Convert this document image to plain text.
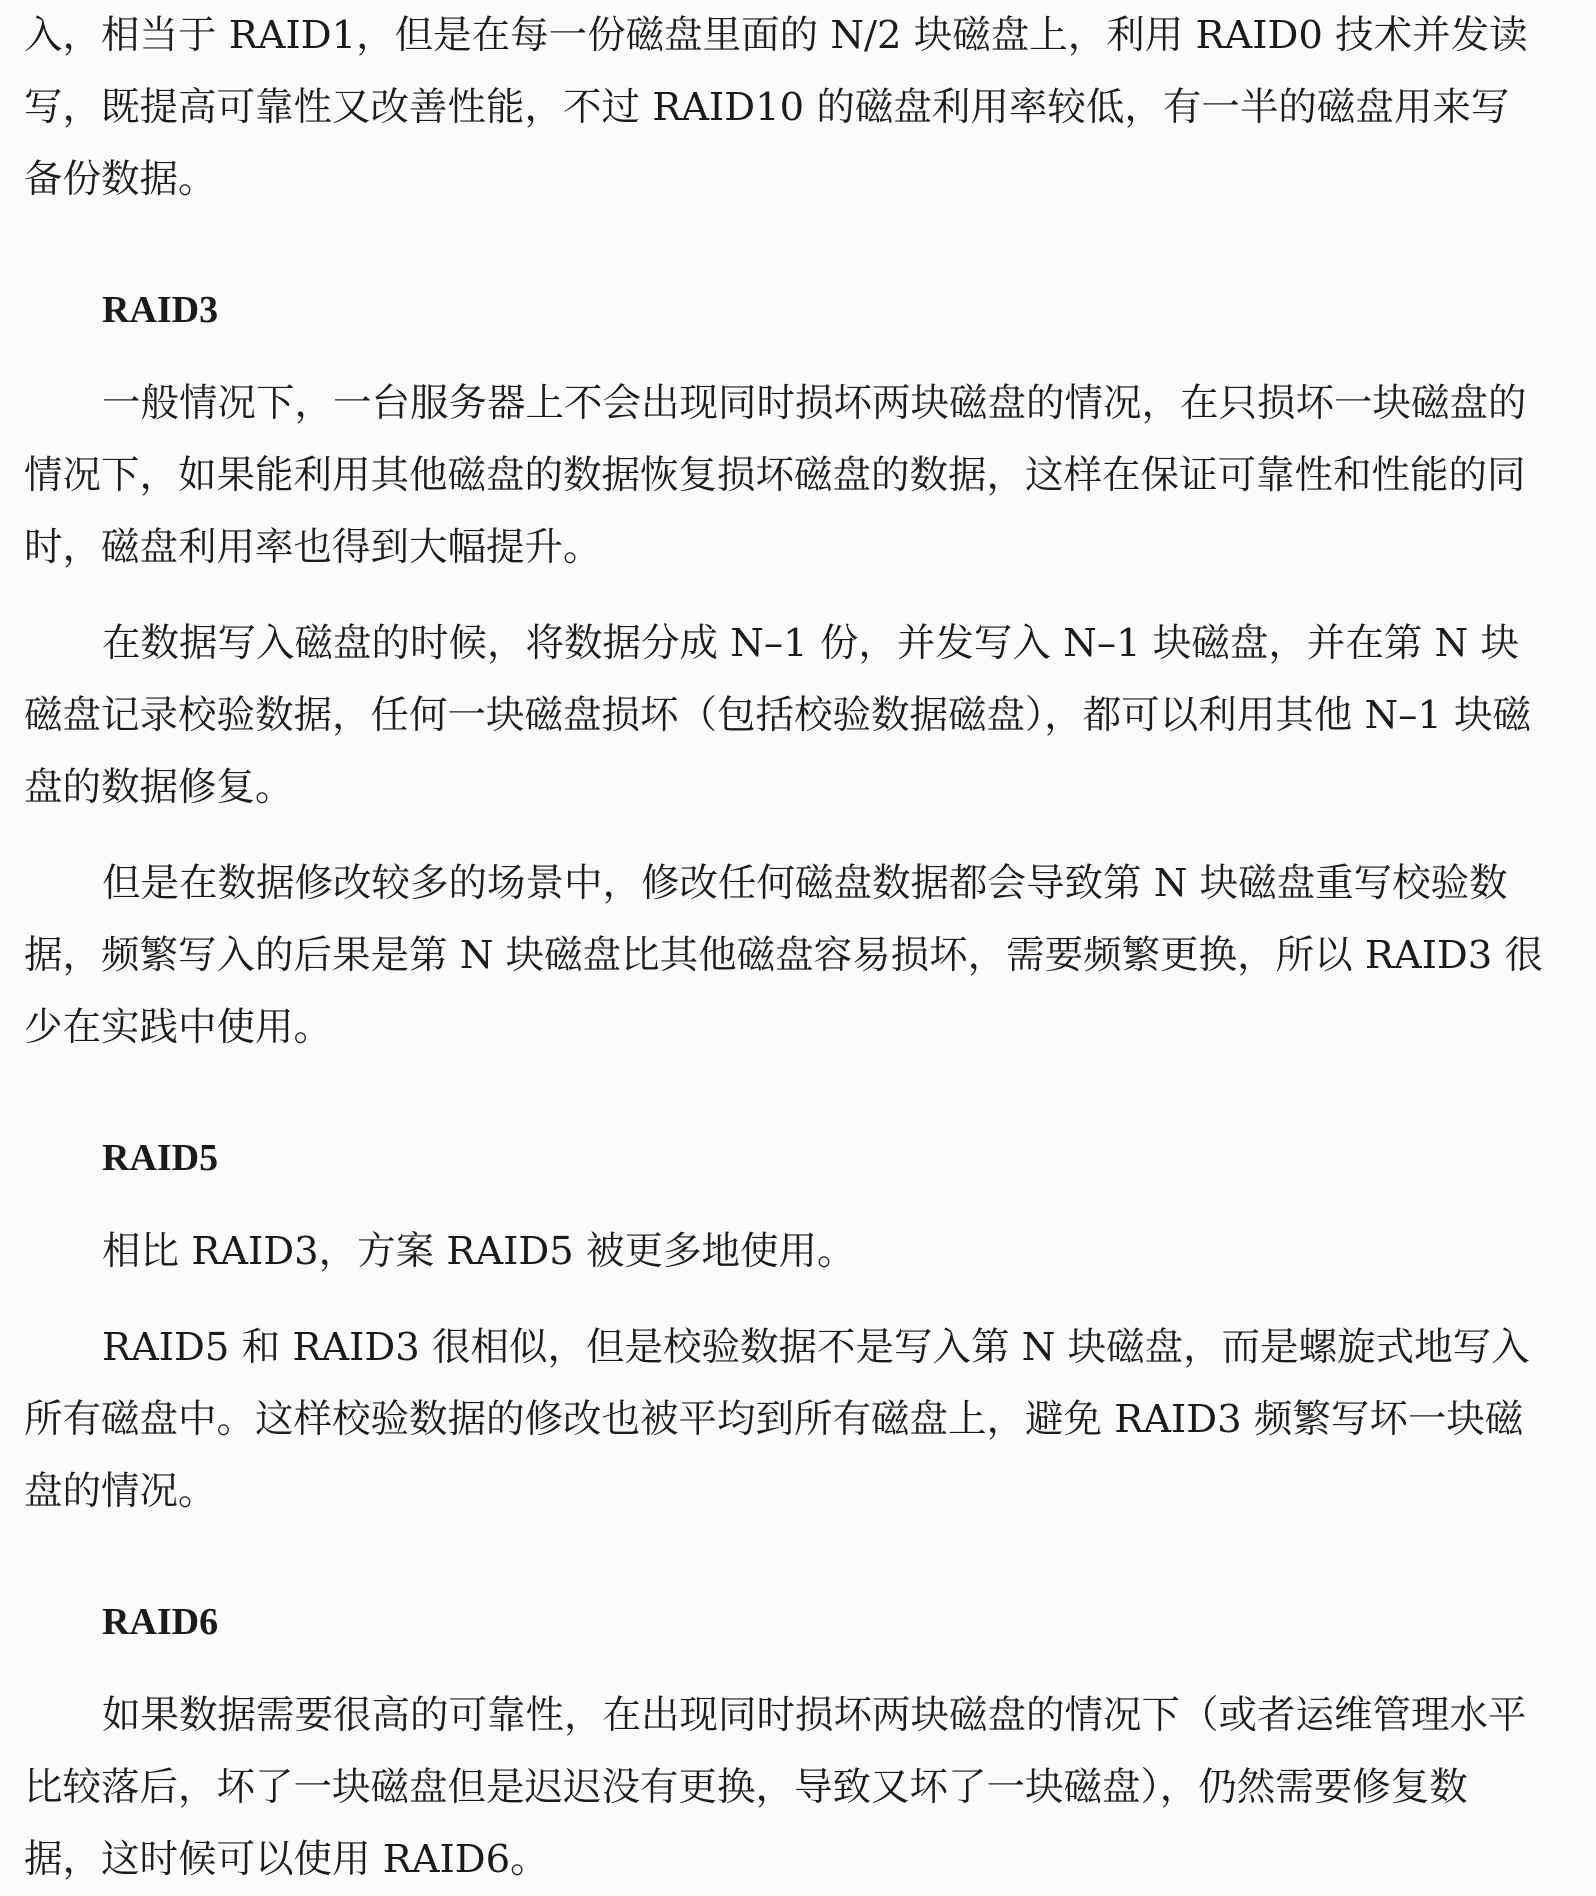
入，相当于 RAID1，但是在每一份磁盘里面的 N/2 块磁盘上，利用 RAID0 技术并发读写，既提高可靠性又改善性能，不过 RAID10 的磁盘利用率较低，有一半的磁盘用来写备份数据。

RAID3

一般情况下，一台服务器上不会出现同时损坏两块磁盘的情况，在只损坏一块磁盘的情况下，如果能利用其他磁盘的数据恢复损坏磁盘的数据，这样在保证可靠性和性能的同时，磁盘利用率也得到大幅提升。

在数据写入磁盘的时候，将数据分成 N–1 份，并发写入 N–1 块磁盘，并在第 N 块磁盘记录校验数据，任何一块磁盘损坏（包括校验数据磁盘），都可以利用其他 N–1 块磁盘的数据修复。

但是在数据修改较多的场景中，修改任何磁盘数据都会导致第 N 块磁盘重写校验数据，频繁写入的后果是第 N 块磁盘比其他磁盘容易损坏，需要频繁更换，所以 RAID3 很少在实践中使用。

RAID5

相比 RAID3，方案 RAID5 被更多地使用。

RAID5 和 RAID3 很相似，但是校验数据不是写入第 N 块磁盘，而是螺旋式地写入所有磁盘中。这样校验数据的修改也被平均到所有磁盘上，避免 RAID3 频繁写坏一块磁盘的情况。

RAID6

如果数据需要很高的可靠性，在出现同时损坏两块磁盘的情况下（或者运维管理水平比较落后，坏了一块磁盘但是迟迟没有更换，导致又坏了一块磁盘），仍然需要修复数据，这时候可以使用 RAID6。
